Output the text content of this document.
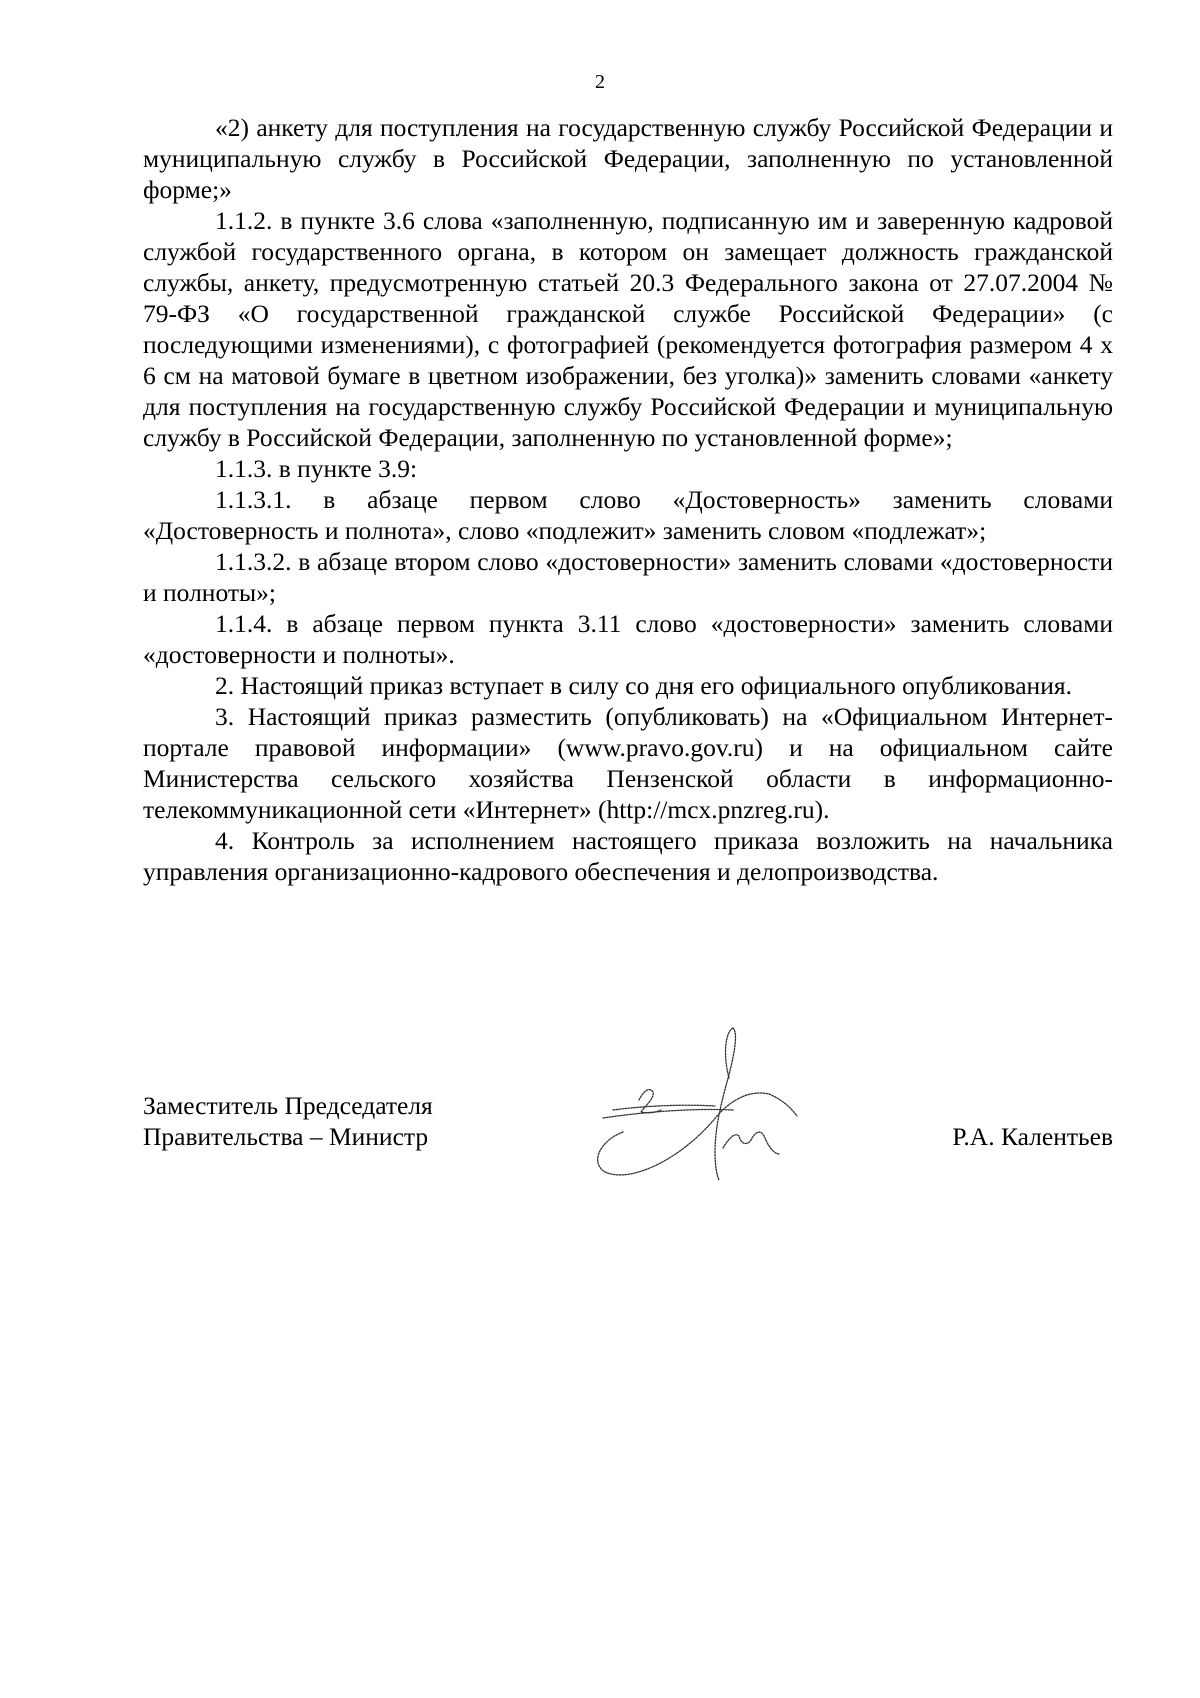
2

«2) анкету для поступления на государственную службу Российской Федерации и муниципальную службу в Российской Федерации, заполненную по установленной форме;»

1.1.2. в пункте 3.6 слова «заполненную, подписанную им и заверенную кадровой службой государственного органа, в котором он замещает должность гражданской службы, анкету, предусмотренную статьей 20.3 Федерального закона от 27.07.2004 № 79-ФЗ «О государственной гражданской службе Российской Федерации» (с последующими изменениями), с фотографией (рекомендуется фотография размером 4 х 6 см на матовой бумаге в цветном изображении, без уголка)» заменить словами «анкету для поступления на государственную службу Российской Федерации и муниципальную службу в Российской Федерации, заполненную по установленной форме»;

1.1.3. в пункте 3.9:

1.1.3.1. в абзаце первом слово «Достоверность» заменить словами «Достоверность и полнота», слово «подлежит» заменить словом «подлежат»;

1.1.3.2. в абзаце втором слово «достоверности» заменить словами «достоверности и полноты»;

1.1.4. в абзаце первом пункта 3.11 слово «достоверности» заменить словами «достоверности и полноты».

2. Настоящий приказ вступает в силу со дня его официального опубликования.

3. Настоящий приказ разместить (опубликовать) на «Официальном Интернет-портале правовой информации» (www.pravo.gov.ru) и на официальном сайте Министерства сельского хозяйства Пензенской области в информационно-телекоммуникационной сети «Интернет» (http://mcx.pnzreg.ru).

4. Контроль за исполнением настоящего приказа возложить на начальника управления организационно-кадрового обеспечения и делопроизводства.

Заместитель Председателя
Правительства – Министр	Р.А. Калентьев
